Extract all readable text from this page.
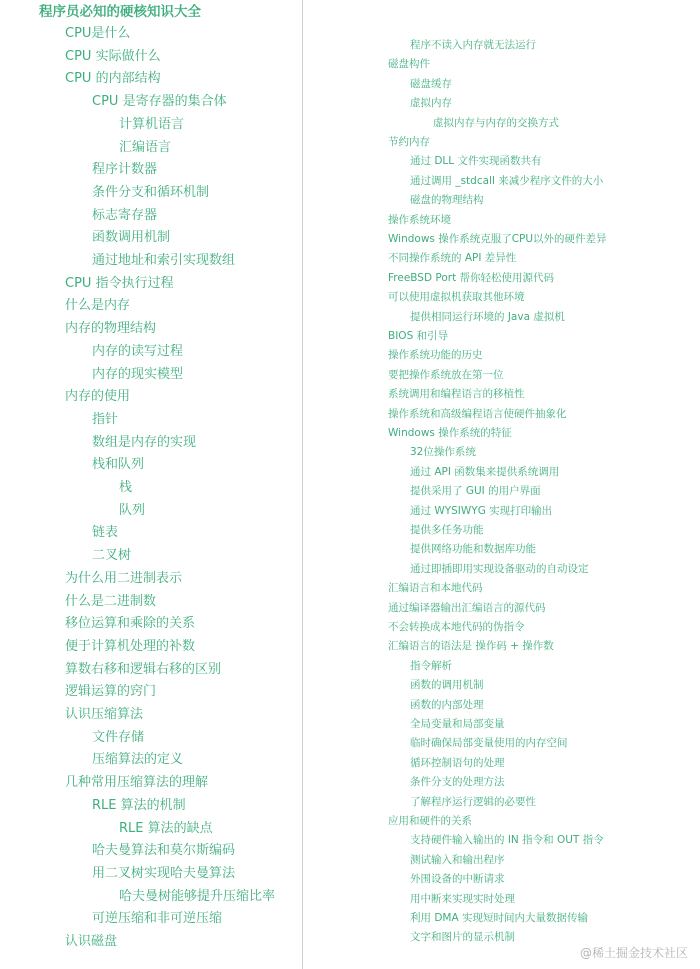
程序员必知的硬核知识大全
CPU是什么
CPU 实际做什么
CPU 的内部结构
CPU 是寄存器的集合体
计算机语言
汇编语言
程序计数器
条件分支和循环机制
标志寄存器
函数调用机制
通过地址和索引实现数组
CPU 指令执行过程
什么是内存
内存的物理结构
内存的读写过程
内存的现实模型
内存的使用
指针
数组是内存的实现
栈和队列
栈
队列
链表
二叉树
为什么用二进制表示
什么是二进制数
移位运算和乘除的关系
便于计算机处理的补数
算数右移和逻辑右移的区别
逻辑运算的窍门
认识压缩算法
文件存储
压缩算法的定义
几种常用压缩算法的理解
RLE 算法的机制
RLE 算法的缺点
哈夫曼算法和莫尔斯编码
用二叉树实现哈夫曼算法
哈夫曼树能够提升压缩比率
可逆压缩和非可逆压缩
认识磁盘
程序不读入内存就无法运行
磁盘构件
磁盘缓存
虚拟内存
虚拟内存与内存的交换方式
节约内存
通过 DLL 文件实现函数共有
通过调用 _stdcall 来减少程序文件的大小
磁盘的物理结构
操作系统环境
Windows 操作系统克服了CPU以外的硬件差异
不同操作系统的 API 差异性
FreeBSD Port 帮你轻松使用源代码
可以使用虚拟机获取其他环境
提供相同运行环境的 Java 虚拟机
BIOS 和引导
操作系统功能的历史
要把操作系统放在第一位
系统调用和编程语言的移植性
操作系统和高级编程语言使硬件抽象化
Windows 操作系统的特征
32位操作系统
通过 API 函数集来提供系统调用
提供采用了 GUI 的用户界面
通过 WYSIWYG 实现打印输出
提供多任务功能
提供网络功能和数据库功能
通过即插即用实现设备驱动的自动设定
汇编语言和本地代码
通过编译器输出汇编语言的源代码
不会转换成本地代码的伪指令
汇编语言的语法是 操作码 + 操作数
指令解析
函数的调用机制
函数的内部处理
全局变量和局部变量
临时确保局部变量使用的内存空间
循环控制语句的处理
条件分支的处理方法
了解程序运行逻辑的必要性
应用和硬件的关系
支持硬件输入输出的 IN 指令和 OUT 指令
测试输入和输出程序
外围设备的中断请求
用中断来实现实时处理
利用 DMA 实现短时间内大量数据传输
文字和图片的显示机制
@稀土掘金技术社区
